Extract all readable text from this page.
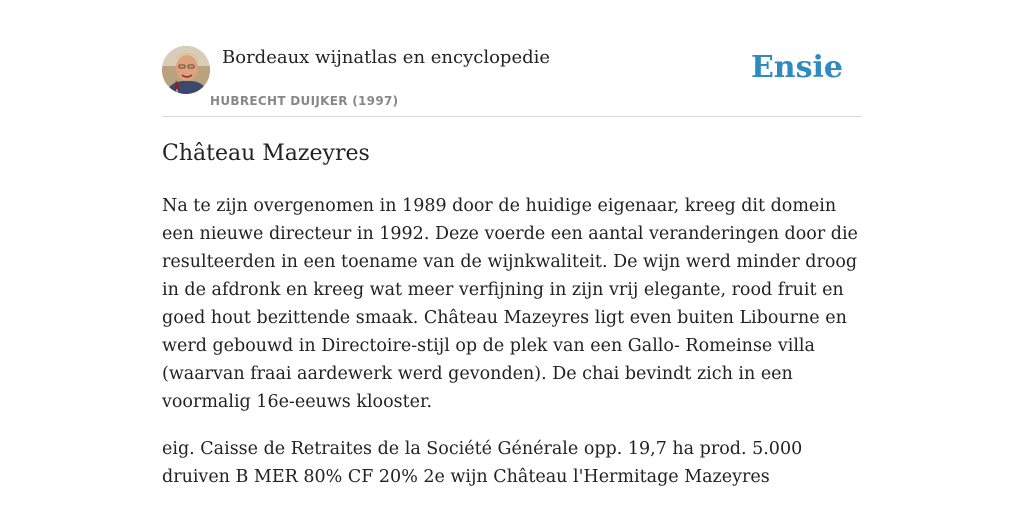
Bordeaux wijnatlas en encyclopedie
HUBRECHT DUIJKER (1997)
Ensie
Château Mazeyres

Na te zijn overgenomen in 1989 door de huidige eigenaar, kreeg dit domein een nieuwe directeur in 1992. Deze voerde een aantal veranderingen door die resulteerden in een toename van de wijnkwaliteit. De wijn werd minder droog in de afdronk en kreeg wat meer verfijning in zijn vrij elegante, rood fruit en goed hout bezittende smaak. Château Mazeyres ligt even buiten Libourne en werd gebouwd in Directoire-stijl op de plek van een Gallo- Romeinse villa (waarvan fraai aardewerk werd gevonden). De chai bevindt zich in een voormalig 16e-eeuws klooster.

eig. Caisse de Retraites de la Société Générale opp. 19,7 ha prod. 5.000 druiven B MER 80% CF 20% 2e wijn Château l'Hermitage Mazeyres
